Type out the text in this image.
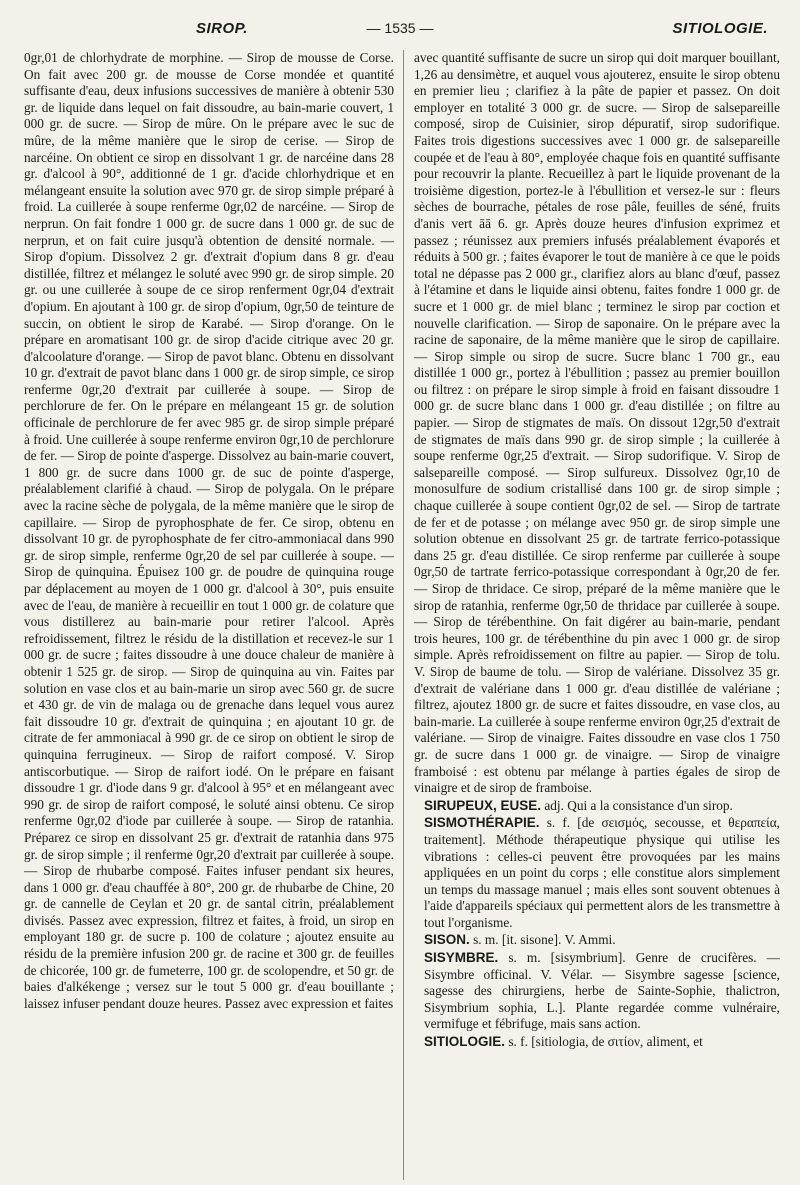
SIROP.	— 1535 —	SITIOLOGIE.

0gr,01 de chlorhydrate de morphine. — Sirop de mousse de Corse. On fait avec 200 gr. de mousse de Corse mondée et quantité suffisante d'eau, deux infusions successives de manière à obtenir 530 gr. de liquide dans lequel on fait dissoudre, au bain-marie couvert, 1 000 gr. de sucre. — Sirop de mûre. On le prépare avec le suc de mûre, de la même manière que le sirop de cerise. — Sirop de narcéine. On obtient ce sirop en dissolvant 1 gr. de narcéine dans 28 gr. d'alcool à 90°, additionné de 1 gr. d'acide chlorhydrique et en mélangeant ensuite la solution avec 970 gr. de sirop simple préparé à froid. La cuillerée à soupe renferme 0gr,02 de narcéine. — Sirop de nerprun. On fait fondre 1 000 gr. de sucre dans 1 000 gr. de suc de nerprun, et on fait cuire jusqu'à obtention de densité normale. — Sirop d'opium. Dissolvez 2 gr. d'extrait d'opium dans 8 gr. d'eau distillée, filtrez et mélangez le soluté avec 990 gr. de sirop simple. 20 gr. ou une cuillerée à soupe de ce sirop renferment 0gr,04 d'extrait d'opium. En ajoutant à 100 gr. de sirop d'opium, 0gr,50 de teinture de succin, on obtient le sirop de Karabé. — Sirop d'orange. On le prépare en aromatisant 100 gr. de sirop d'acide citrique avec 20 gr. d'alcoolature d'orange. — Sirop de pavot blanc. Obtenu en dissolvant 10 gr. d'extrait de pavot blanc dans 1 000 gr. de sirop simple, ce sirop renferme 0gr,20 d'extrait par cuillerée à soupe. — Sirop de perchlorure de fer. On le prépare en mélangeant 15 gr. de solution officinale de perchlorure de fer avec 985 gr. de sirop simple préparé à froid. Une cuillerée à soupe renferme environ 0gr,10 de perchlorure de fer. — Sirop de pointe d'asperge. Dissolvez au bain-marie couvert, 1 800 gr. de sucre dans 1000 gr. de suc de pointe d'asperge, préalablement clarifié à chaud. — Sirop de polygala. On le prépare avec la racine sèche de polygala, de la même manière que le sirop de capillaire. — Sirop de pyrophosphate de fer. Ce sirop, obtenu en dissolvant 10 gr. de pyrophosphate de fer citro-ammoniacal dans 990 gr. de sirop simple, renferme 0gr,20 de sel par cuillerée à soupe. — Sirop de quinquina. Épuisez 100 gr. de poudre de quinquina rouge par déplacement au moyen de 1 000 gr. d'alcool à 30°, puis ensuite avec de l'eau, de manière à recueillir en tout 1 000 gr. de colature que vous distillerez au bain-marie pour retirer l'alcool. Après refroidissement, filtrez le résidu de la distillation et recevez-le sur 1 000 gr. de sucre ; faites dissoudre à une douce chaleur de manière à obtenir 1 525 gr. de sirop. — Sirop de quinquina au vin. Faites par solution en vase clos et au bain-marie un sirop avec 560 gr. de sucre et 430 gr. de vin de malaga ou de grenache dans lequel vous aurez fait dissoudre 10 gr. d'extrait de quinquina ; en ajoutant 10 gr. de citrate de fer ammoniacal à 990 gr. de ce sirop on obtient le sirop de quinquina ferrugineux. — Sirop de raifort composé. V. Sirop antiscorbutique. — Sirop de raifort iodé. On le prépare en faisant dissoudre 1 gr. d'iode dans 9 gr. d'alcool à 95° et en mélangeant avec 990 gr. de sirop de raifort composé, le soluté ainsi obtenu. Ce sirop renferme 0gr,02 d'iode par cuillerée à soupe. — Sirop de ratanhia. Préparez ce sirop en dissolvant 25 gr. d'extrait de ratanhia dans 975 gr. de sirop simple ; il renferme 0gr,20 d'extrait par cuillerée à soupe. — Sirop de rhubarbe composé. Faites infuser pendant six heures, dans 1 000 gr. d'eau chauffée à 80°, 200 gr. de rhubarbe de Chine, 20 gr. de cannelle de Ceylan et 20 gr. de santal citrin, préalablement divisés. Passez avec expression, filtrez et faites, à froid, un sirop en employant 180 gr. de sucre p. 100 de colature ; ajoutez ensuite au résidu de la première infusion 200 gr. de racine et 300 gr. de feuilles de chicorée, 100 gr. de fumeterre, 100 gr. de scolopendre, et 50 gr. de baies d'alkékenge ; versez sur le tout 5 000 gr. d'eau bouillante ; laissez infuser pendant douze heures. Passez avec expression et faites

avec quantité suffisante de sucre un sirop qui doit marquer bouillant, 1,26 au densimètre, et auquel vous ajouterez, ensuite le sirop obtenu en premier lieu ; clarifiez à la pâte de papier et passez. On doit employer en totalité 3 000 gr. de sucre. — Sirop de salsepareille composé, sirop de Cuisinier, sirop dépuratif, sirop sudorifique. Faites trois digestions successives avec 1 000 gr. de salsepareille coupée et de l'eau à 80°, employée chaque fois en quantité suffisante pour recouvrir la plante. Recueillez à part le liquide provenant de la troisième digestion, portez-le à l'ébullition et versez-le sur : fleurs sèches de bourrache, pétales de rose pâle, feuilles de séné, fruits d'anis vert āā 6. gr. Après douze heures d'infusion exprimez et passez ; réunissez aux premiers infusés préalablement évaporés et réduits à 500 gr. ; faites évaporer le tout de manière à ce que le poids total ne dépasse pas 2 000 gr., clarifiez alors au blanc d'œuf, passez à l'étamine et dans le liquide ainsi obtenu, faites fondre 1 000 gr. de sucre et 1 000 gr. de miel blanc ; terminez le sirop par coction et nouvelle clarification. — Sirop de saponaire. On le prépare avec la racine de saponaire, de la même manière que le sirop de capillaire. — Sirop simple ou sirop de sucre. Sucre blanc 1 700 gr., eau distillée 1 000 gr., portez à l'ébullition ; passez au premier bouillon ou filtrez : on prépare le sirop simple à froid en faisant dissoudre 1 000 gr. de sucre blanc dans 1 000 gr. d'eau distillée ; on filtre au papier. — Sirop de stigmates de maïs. On dissout 12gr,50 d'extrait de stigmates de maïs dans 990 gr. de sirop simple ; la cuillerée à soupe renferme 0gr,25 d'extrait. — Sirop sudorifique. V. Sirop de salsepareille composé. — Sirop sulfureux. Dissolvez 0gr,10 de monosulfure de sodium cristallisé dans 100 gr. de sirop simple ; chaque cuillerée à soupe contient 0gr,02 de sel. — Sirop de tartrate de fer et de potasse ; on mélange avec 950 gr. de sirop simple une solution obtenue en dissolvant 25 gr. de tartrate ferrico-potassique dans 25 gr. d'eau distillée. Ce sirop renferme par cuillerée à soupe 0gr,50 de tartrate ferrico-potassique correspondant à 0gr,20 de fer. — Sirop de thridace. Ce sirop, préparé de la même manière que le sirop de ratanhia, renferme 0gr,50 de thridace par cuillerée à soupe. — Sirop de térébenthine. On fait digérer au bain-marie, pendant trois heures, 100 gr. de térébenthine du pin avec 1 000 gr. de sirop simple. Après refroidissement on filtre au papier. — Sirop de tolu. V. Sirop de baume de tolu. — Sirop de valériane. Dissolvez 35 gr. d'extrait de valériane dans 1 000 gr. d'eau distillée de valériane ; filtrez, ajoutez 1800 gr. de sucre et faites dissoudre, en vase clos, au bain-marie. La cuillerée à soupe renferme environ 0gr,25 d'extrait de valériane. — Sirop de vinaigre. Faites dissoudre en vase clos 1 750 gr. de sucre dans 1 000 gr. de vinaigre. — Sirop de vinaigre framboisé : est obtenu par mélange à parties égales de sirop de vinaigre et de sirop de framboise.

SIRUPEUX, EUSE. adj. Qui a la consistance d'un sirop.

SISMOTHÉRAPIE. s. f. [de σεισμός, secousse, et θεραπεία, traitement]. Méthode thérapeutique physique qui utilise les vibrations : celles-ci peuvent être provoquées par les mains appliquées en un point du corps ; elle constitue alors simplement un temps du massage manuel ; mais elles sont souvent obtenues à l'aide d'appareils spéciaux qui permettent alors de les transmettre à tout l'organisme.

SISON. s. m. [it. sisone]. V. Ammi.

SISYMBRE. s. m. [sisymbrium]. Genre de crucifères. — Sisymbre officinal. V. Vélar. — Sisymbre sagesse [science, sagesse des chirurgiens, herbe de Sainte-Sophie, thalictron, Sisymbrium sophia, L.]. Plante regardée comme vulnéraire, vermifuge et fébrifuge, mais sans action.

SITIOLOGIE. s. f. [sitiologia, de σιτίον, aliment, et
